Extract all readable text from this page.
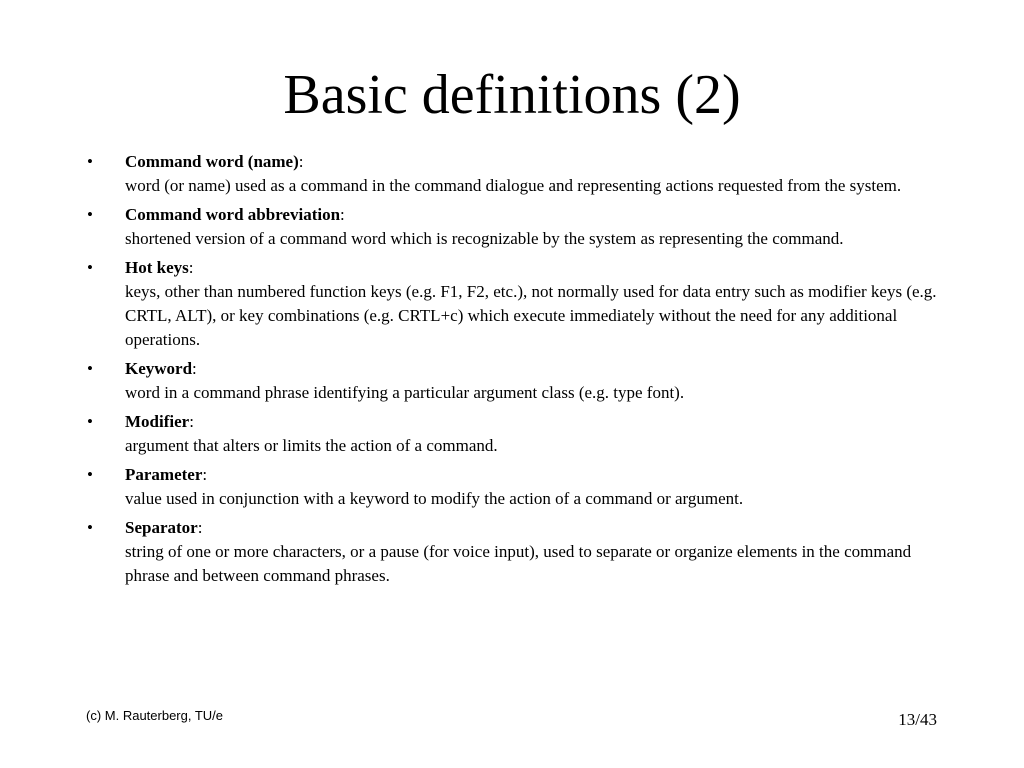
Basic definitions (2)
• Command word (name):
word (or name) used as a command in the command dialogue and representing actions requested from the system.
• Command word abbreviation:
shortened version of a command word which is recognizable by the system as representing the command.
• Hot keys:
keys, other than numbered function keys (e.g. F1, F2, etc.), not normally used for data entry such as modifier keys (e.g. CRTL, ALT), or key combinations (e.g. CRTL+c) which execute immediately without the need for any additional operations.
• Keyword:
word in a command phrase identifying a particular argument class (e.g. type font).
• Modifier:
argument that alters or limits the action of a command.
• Parameter:
value used in conjunction with a keyword to modify the action of a command or argument.
• Separator:
string of one or more characters, or a pause (for voice input), used to separate or organize elements in the command phrase and between command phrases.
(c) M. Rauterberg, TU/e	13/43
